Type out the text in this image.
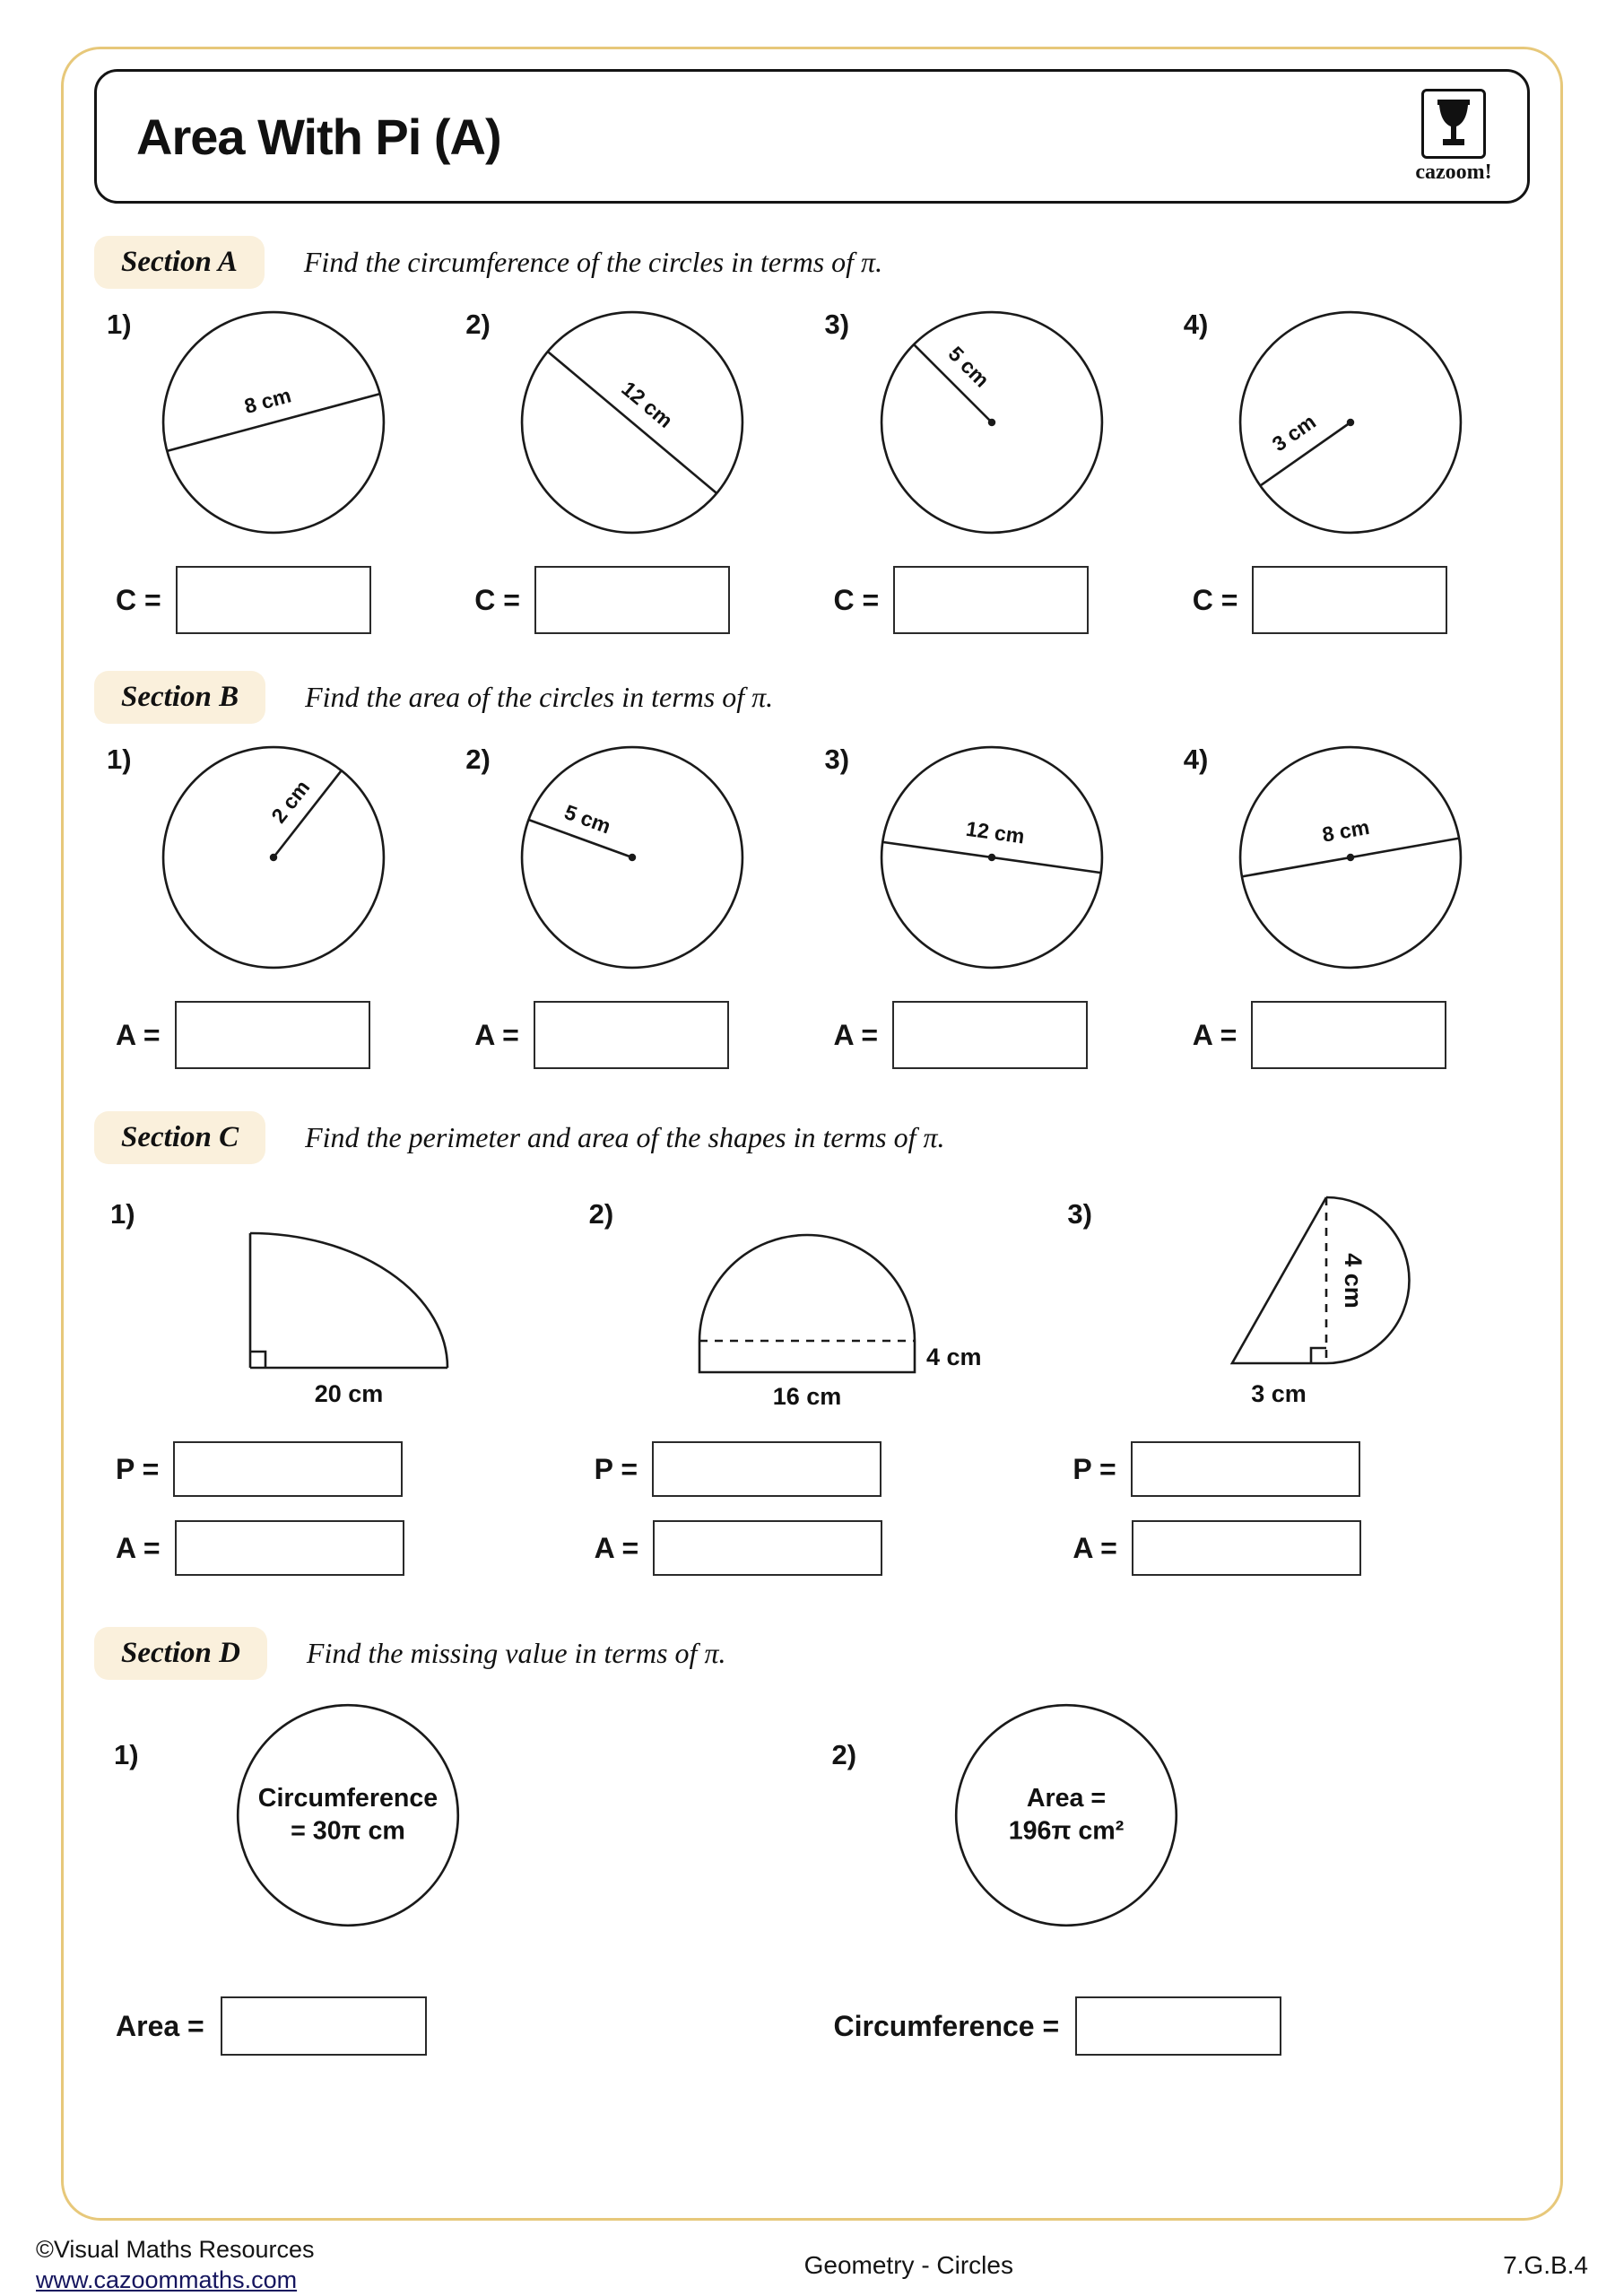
Area With Pi (A)
cazoom!
Section A	Find the circumference of the circles in terms of π.
1)
8 cm
2)
12 cm
3)
5 cm
4)
3 cm
C =	C =	C =	C =
Section B	Find the area of the circles in terms of π.
1)
2 cm
2)
5 cm
3)
12 cm
4)
8 cm
A =	A =	A =	A =
Section C	Find the perimeter and area of the shapes in terms of π.
1)
20 cm
2)
4 cm
16 cm
3)
4 cm
3 cm
P =	P =	P =
A =	A =	A =
Section D	Find the missing value in terms of π.
1)
Circumference
= 30π cm
2)
Area =
196π cm²
Area =	Circumference =
©Visual Maths Resources
www.cazoommaths.com
Geometry - Circles	7.G.B.4
